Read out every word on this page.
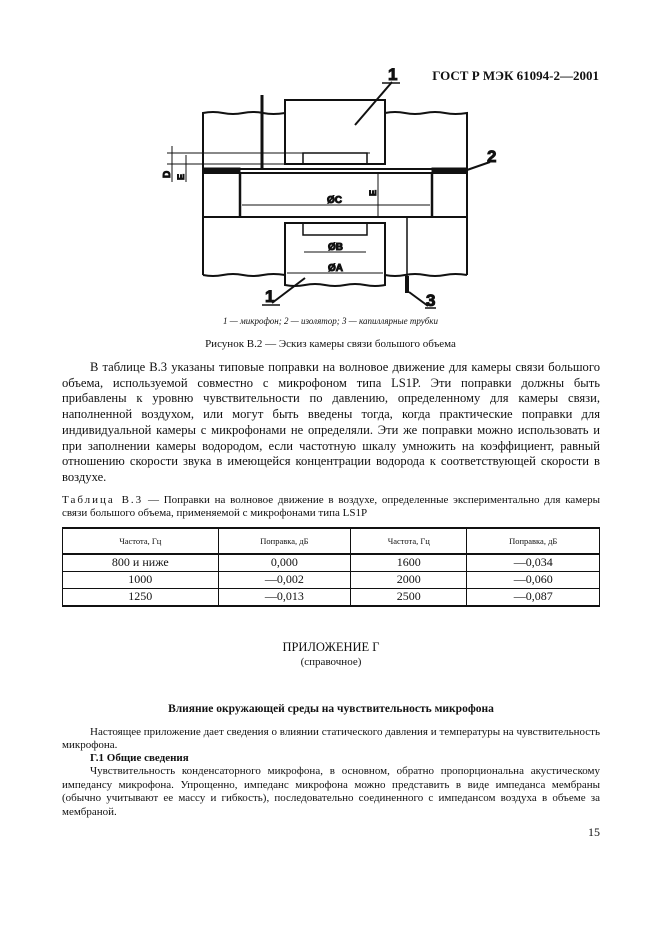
ГОСТ Р МЭК 61094-2—2001
1
2
1	3
ØC
ØB
ØA
D E
E
1 — микрофон; 2 — изолятор; 3 — капиллярные трубки
Рисунок В.2 — Эскиз камеры связи большого объема
В таблице В.3 указаны типовые поправки на волновое движение для камеры связи большого объема, используемой совместно с микрофоном типа LS1P. Эти поправки должны быть прибавлены к уровню чувствительности по давлению, определенному для камеры связи, наполненной воздухом, или могут быть введены тогда, когда практические поправки для индивидуальной камеры с микрофонами не определяли. Эти же поправки можно использовать и при заполнении камеры водородом, если частотную шкалу умножить на коэффициент, равный отношению скорости звука в имеющейся концентрации водорода к соответствующей скорости в воздухе.
Таблица В.3 — Поправки на волновое движение в воздухе, определенные экспериментально для камеры связи большого объема, применяемой с микрофонами типа LS1P
Частота, Гц	Поправка, дБ	Частота, Гц	Поправка, дБ
800 и ниже	0,000	1600	—0,034
1000	—0,002	2000	—0,060
1250	—0,013	2500	—0,087
ПРИЛОЖЕНИЕ Г
(справочное)
Влияние окружающей среды на чувствительность микрофона
Настоящее приложение дает сведения о влиянии статического давления и температуры на чувствительность микрофона.
Г.1 Общие сведения
Чувствительность конденсаторного микрофона, в основном, обратно пропорциональна акустическому импедансу микрофона. Упрощенно, импеданс микрофона можно представить в виде импеданса мембраны (обычно учитывают ее массу и гибкость), последовательно соединенного с импедансом воздуха в объеме за мембраной.
15
